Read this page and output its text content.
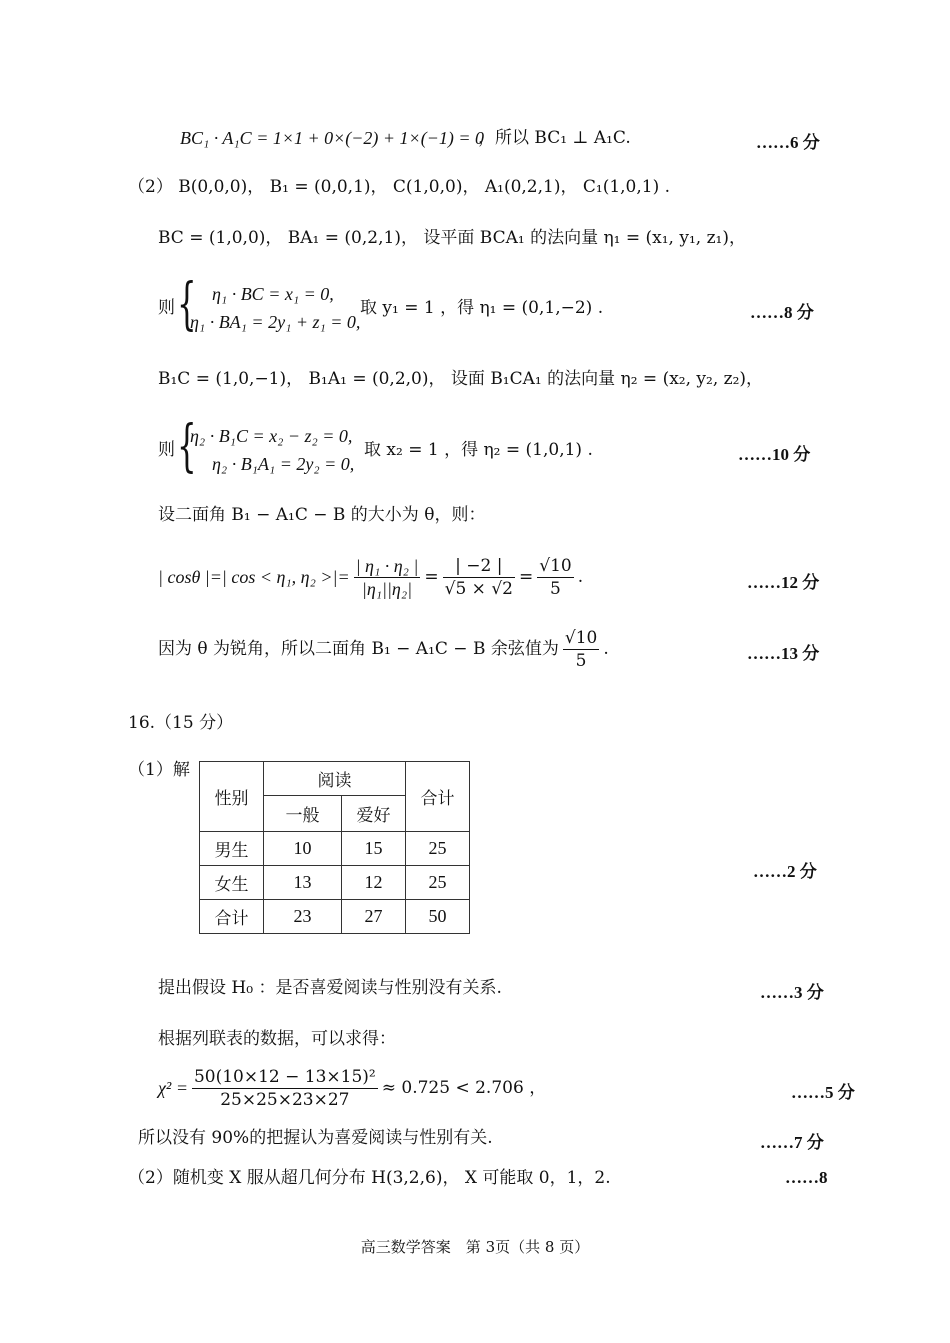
BC₁ · A₁C = 1×1 + 0×(−2) + 1×(−1) = 0
，所以 BC₁ ⊥ A₁C.	……6 分
（2） B(0,0,0)， B₁ = (0,0,1)， C(1,0,0)， A₁(0,2,1)， C₁(1,0,1) .
BC = (1,0,0)， BA₁ = (0,2,1)， 设平面 BCA₁ 的法向量 η₁ = (x₁, y₁, z₁)，
则 { η₁ · BC = x₁ = 0,
η₁ · BA₁ = 2y₁ + z₁ = 0,
取 y₁ = 1 ，得 η₁ = (0,1,−2) .	……8 分
B₁C = (1,0,−1)， B₁A₁ = (0,2,0)， 设面 B₁CA₁ 的法向量 η₂ = (x₂, y₂, z₂)，
则 {
η₂ · B₁C = x₂ − z₂ = 0,
η₂ · B₁A₁ = 2y₂ = 0,
取 x₂ = 1 ，得 η₂ = (1,0,1) .	……10 分
设二面角 B₁ − A₁C − B 的大小为 θ，则：
| cosθ |=| cos < η₁, η₂ >|= $\frac{\text{| η₁ · η₂ |}}{\text{|η₁||η₂|}} = \frac{| -2 |}{√5 \times √2} = \frac{√10}{5}$ .	……12 分
因为 θ 为锐角，所以二面角 B₁ − A₁C − B 余弦值为 $\frac{√10}{5}$ .	……13 分
16.（15 分）
（1）解
性别	阅读		合计
	一般	爱好	
男生	10	15	25
女生	13	12	25
合计	23	27	50
……2 分
提出假设 H₀ ：是否喜爱阅读与性别没有关系.	……3 分
根据列联表的数据，可以求得：
$\chi^2 = \frac{\text{50(10×12 − 13×15)²}}{25\times 25\times 23\times 27} \approx 0.725 < 2.706$ ，	……5 分
所以没有 90%的把握认为喜爱阅读与性别有关.	……7 分
（2）随机变 X 服从超几何分布 H(3,2,6)， X 可能取 0，1，2.	……8
高三数学答案　第 3页（共 8 页）
